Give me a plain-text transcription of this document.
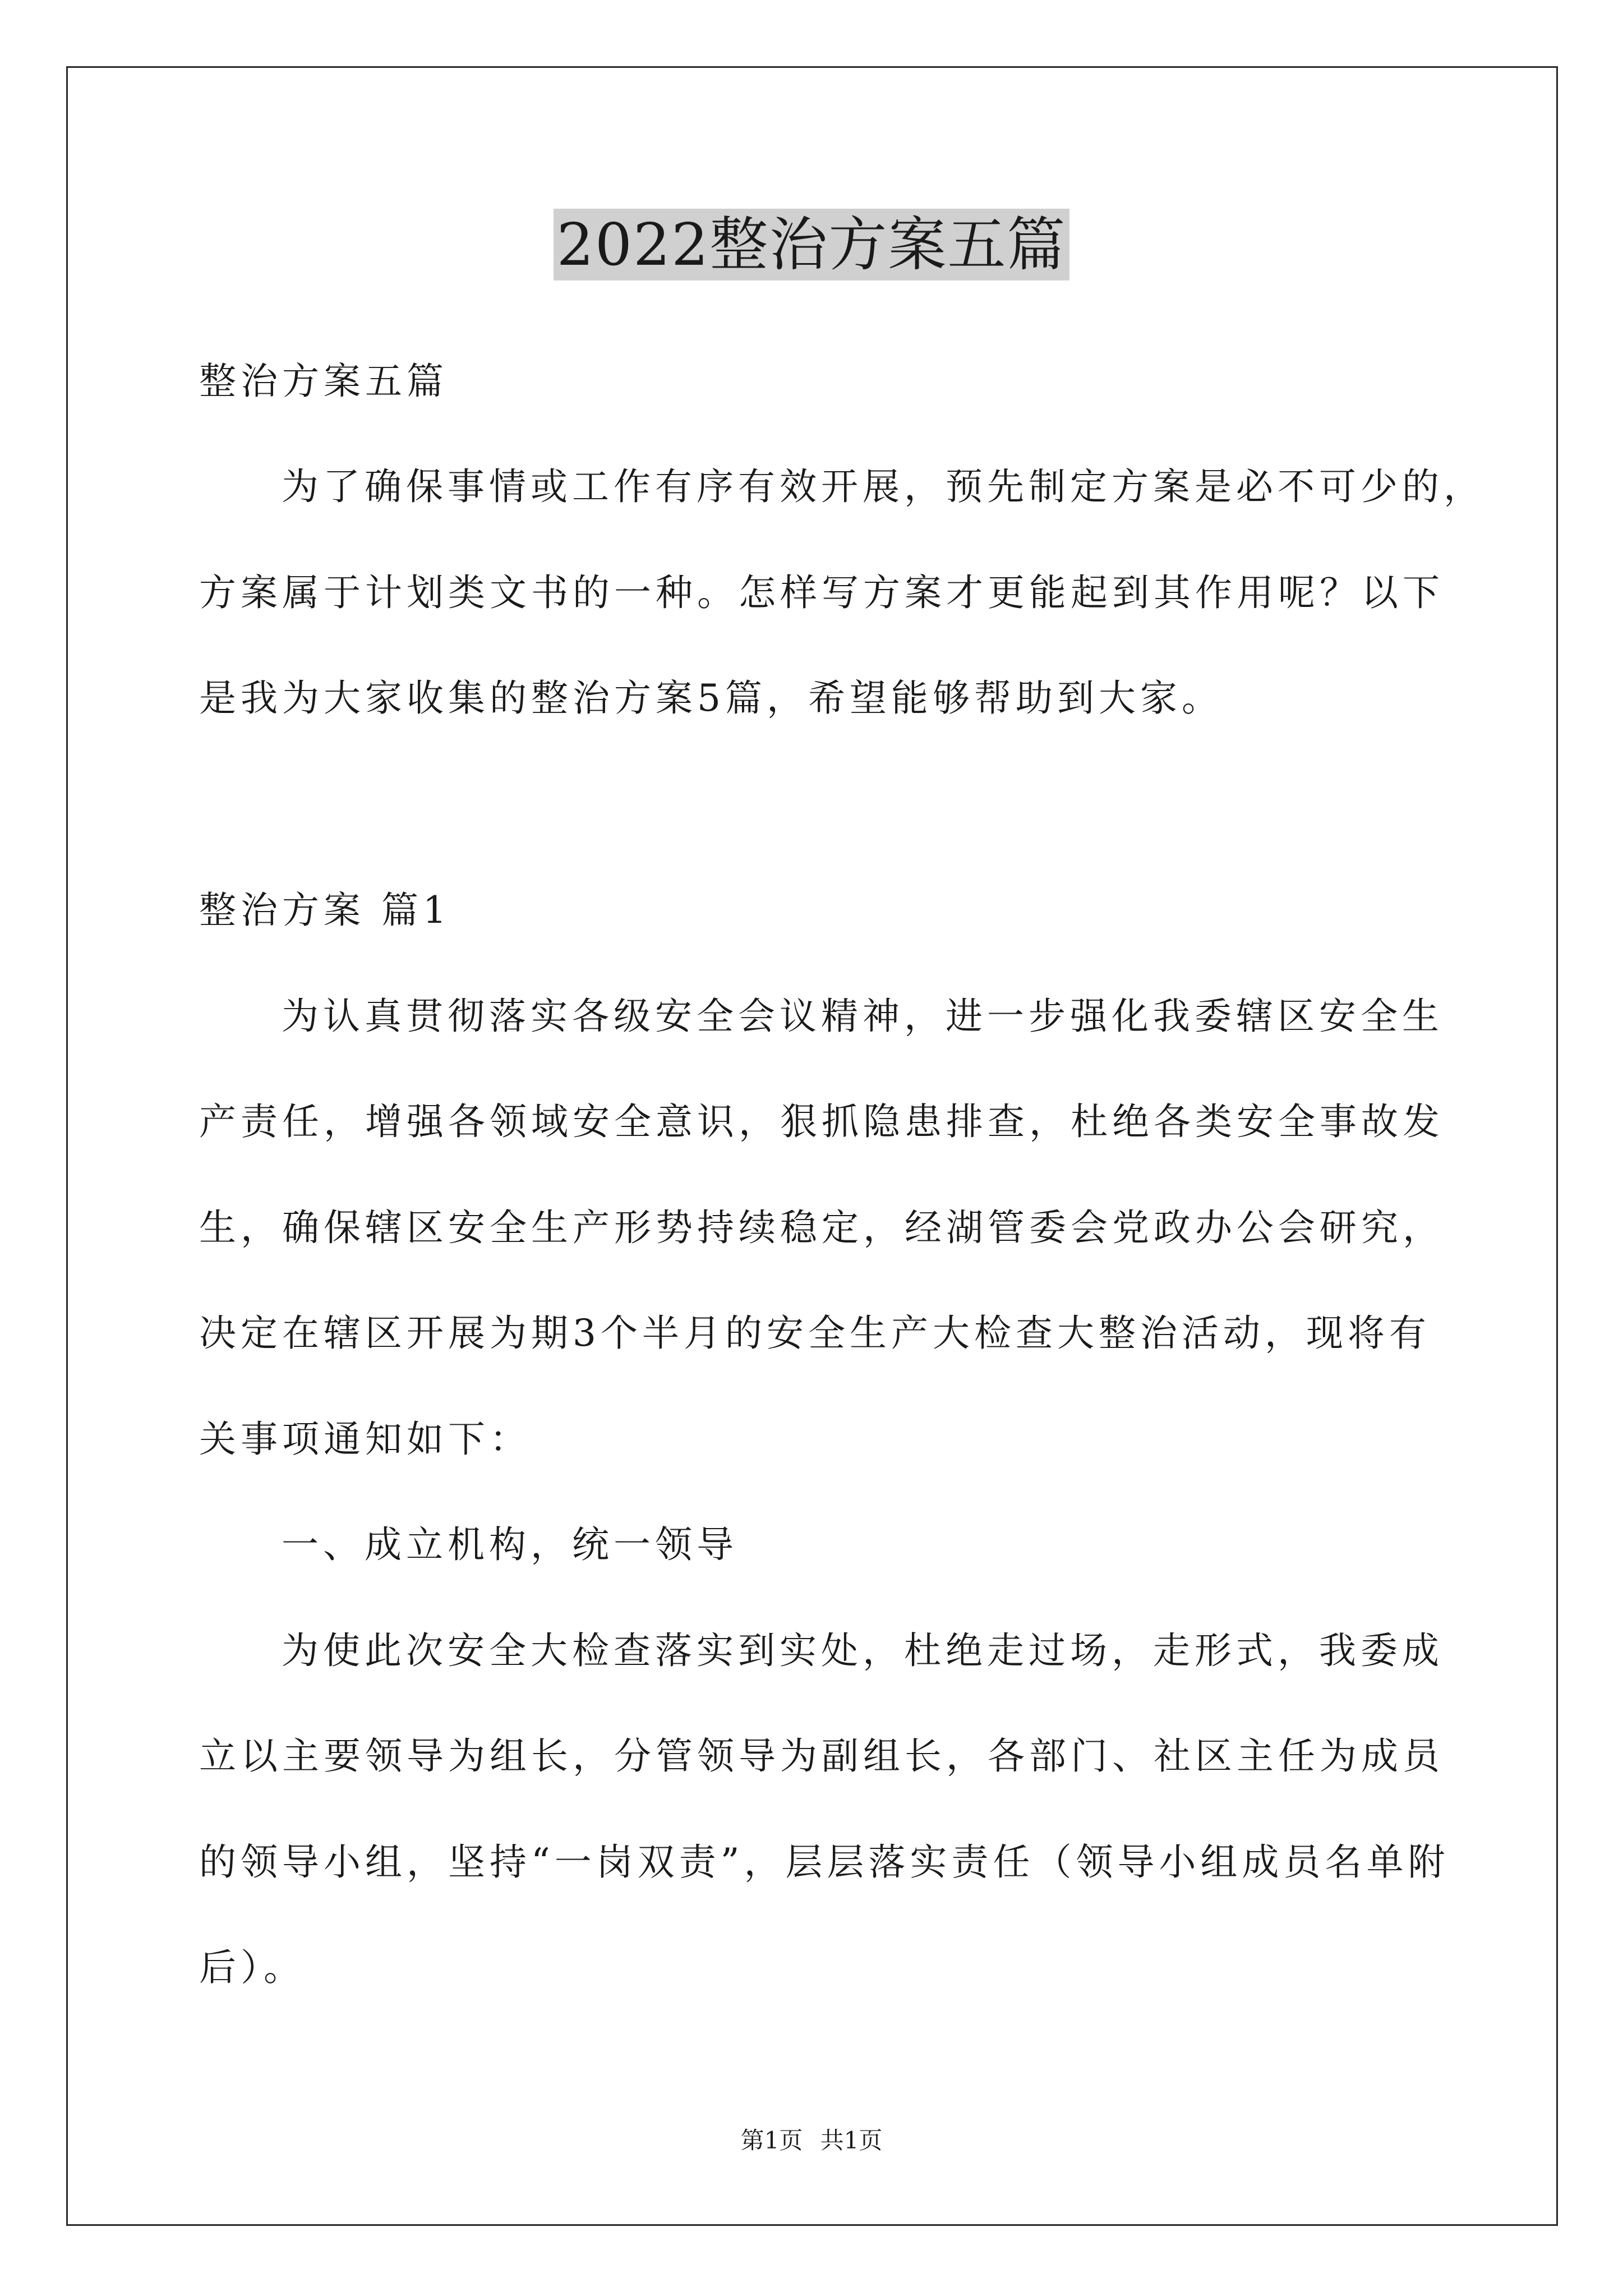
2022整治方案五篇
整治方案五篇
为了确保事情或工作有序有效开展，预先制定方案是必不可少的，
方案属于计划类文书的一种。怎样写方案才更能起到其作用呢？以下
是我为大家收集的整治方案5篇，希望能够帮助到大家。
整治方案 篇1
为认真贯彻落实各级安全会议精神，进一步强化我委辖区安全生
产责任，增强各领域安全意识，狠抓隐患排查，杜绝各类安全事故发
生，确保辖区安全生产形势持续稳定，经湖管委会党政办公会研究，
决定在辖区开展为期3个半月的安全生产大检查大整治活动，现将有
关事项通知如下：
一、成立机构，统一领导
为使此次安全大检查落实到实处，杜绝走过场，走形式，我委成
立以主要领导为组长，分管领导为副组长，各部门、社区主任为成员
的领导小组，坚持“一岗双责”，层层落实责任（领导小组成员名单附
后）。
第1页 共1页
